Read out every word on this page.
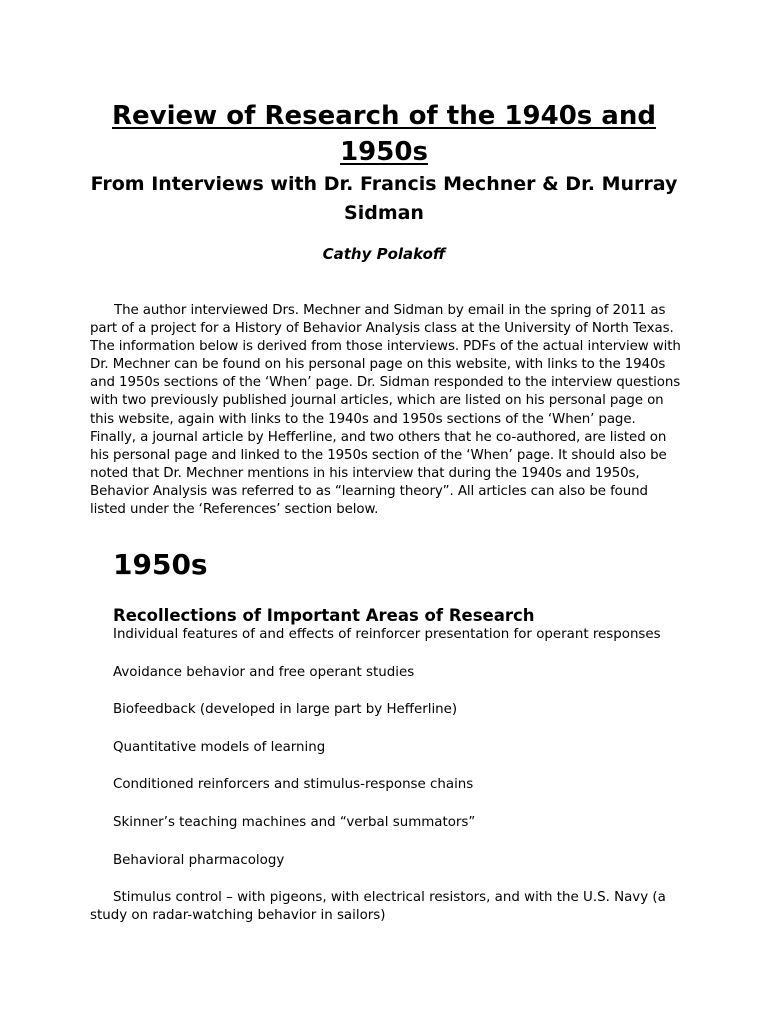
Review of Research of the 1940s and 1950s
From Interviews with Dr. Francis Mechner & Dr. Murray Sidman
Cathy Polakoff

The author interviewed Drs. Mechner and Sidman by email in the spring of 2011 as part of a project for a History of Behavior Analysis class at the University of North Texas. The information below is derived from those interviews. PDFs of the actual interview with Dr. Mechner can be found on his personal page on this website, with links to the 1940s and 1950s sections of the ‘When’ page. Dr. Sidman responded to the interview questions with two previously published journal articles, which are listed on his personal page on this website, again with links to the 1940s and 1950s sections of the ‘When’ page. Finally, a journal article by Hefferline, and two others that he co-authored, are listed on his personal page and linked to the 1950s section of the ‘When’ page. It should also be noted that Dr. Mechner mentions in his interview that during the 1940s and 1950s, Behavior Analysis was referred to as “learning theory”. All articles can also be found listed under the ‘References’ section below.

1950s
Recollections of Important Areas of Research
Individual features of and effects of reinforcer presentation for operant responses
Avoidance behavior and free operant studies
Biofeedback (developed in large part by Hefferline)
Quantitative models of learning
Conditioned reinforcers and stimulus-response chains
Skinner’s teaching machines and “verbal summators”
Behavioral pharmacology
Stimulus control – with pigeons, with electrical resistors, and with the U.S. Navy (a study on radar-watching behavior in sailors)
